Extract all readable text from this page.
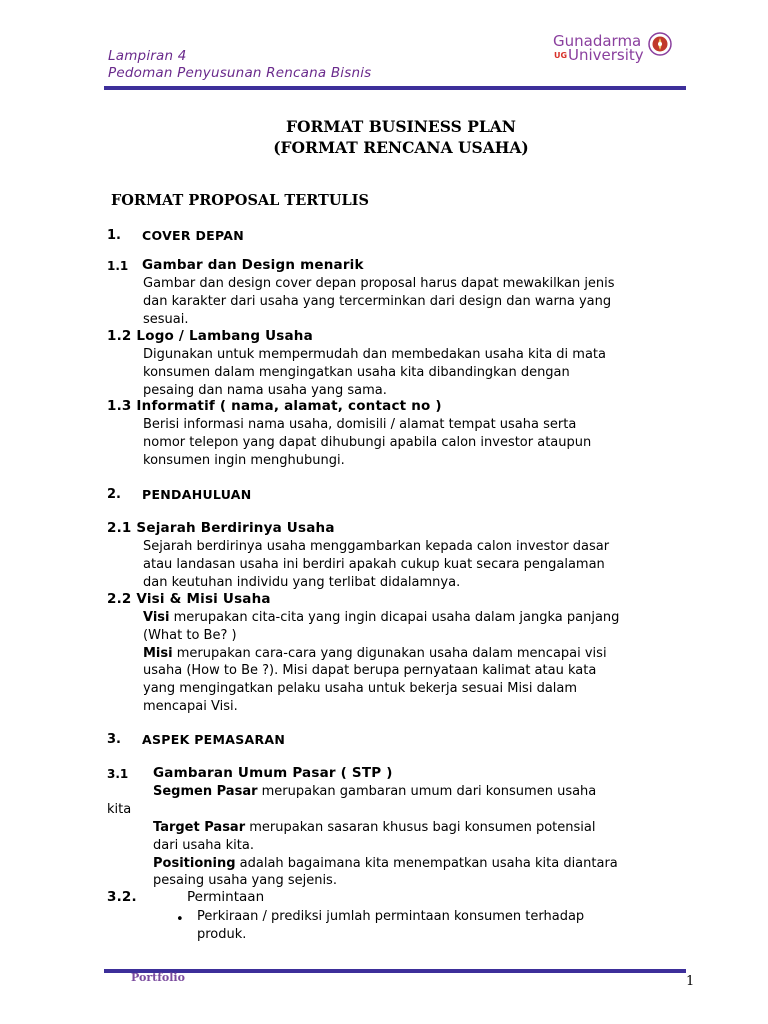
Lampiran 4
Pedoman Penyusunan Rencana Bisnis
Gunadarma
UG University
FORMAT BUSINESS PLAN
(FORMAT RENCANA USAHA)
FORMAT PROPOSAL TERTULIS
1. COVER DEPAN
1.1 Gambar dan Design menarik
Gambar dan design cover depan proposal harus dapat mewakilkan jenis
dan karakter dari usaha yang tercerminkan dari design dan warna yang
sesuai.
1.2 Logo / Lambang Usaha
Digunakan untuk mempermudah dan membedakan usaha kita di mata
konsumen dalam mengingatkan usaha kita dibandingkan dengan
pesaing dan nama usaha yang sama.
1.3 Informatif ( nama, alamat, contact no )
Berisi informasi nama usaha, domisili / alamat tempat usaha serta
nomor telepon yang dapat dihubungi apabila calon investor ataupun
konsumen ingin menghubungi.
2. PENDAHULUAN
2.1 Sejarah Berdirinya Usaha
Sejarah berdirinya usaha menggambarkan kepada calon investor dasar
atau landasan usaha ini berdiri apakah cukup kuat secara pengalaman
dan keutuhan individu yang terlibat didalamnya.
2.2 Visi & Misi Usaha
Visi merupakan cita-cita yang ingin dicapai usaha dalam jangka panjang
(What to Be? )
Misi merupakan cara-cara yang digunakan usaha dalam mencapai visi
usaha (How to Be ?). Misi dapat berupa pernyataan kalimat atau kata
yang mengingatkan pelaku usaha untuk bekerja sesuai Misi dalam
mencapai Visi.
3. ASPEK PEMASARAN
3.1 Gambaran Umum Pasar ( STP )
Segmen Pasar merupakan gambaran umum dari konsumen usaha
kita
Target Pasar merupakan sasaran khusus bagi konsumen potensial
dari usaha kita.
Positioning adalah bagaimana kita menempatkan usaha kita diantara
pesaing usaha yang sejenis.
3.2.	Permintaan
• Perkiraan / prediksi jumlah permintaan konsumen terhadap
produk.
Portfolio	1
